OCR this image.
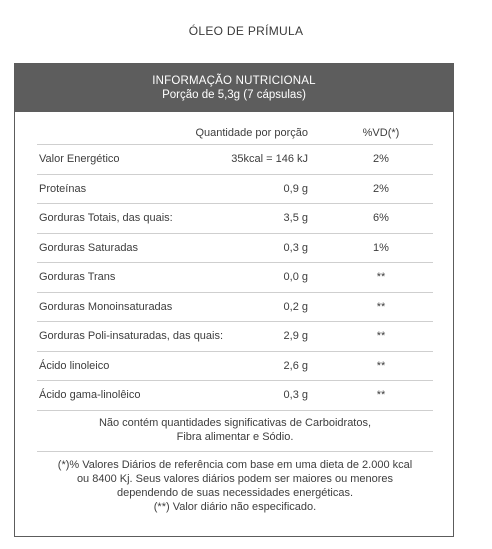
ÓLEO DE PRÍMULA
INFORMAÇÃO NUTRICIONAL
Porção de 5,3g (7 cápsulas)
Quantidade por porção	%VD(*)
Valor Energético	35kcal = 146 kJ	2%
Proteínas	0,9 g	2%
Gorduras Totais, das quais:	3,5 g	6%
Gorduras Saturadas	0,3 g	1%
Gorduras Trans	0,0 g	**
Gorduras Monoinsaturadas	0,2 g	**
Gorduras Poli-insaturadas, das quais:	2,9 g	**
Ácido linoleico	2,6 g	**
Ácido gama-linolêico	0,3 g	**
Não contém quantidades significativas de Carboidratos,
Fibra alimentar e Sódio.
(*)% Valores Diários de referência com base em uma dieta de 2.000 kcal
ou 8400 Kj. Seus valores diários podem ser maiores ou menores
dependendo de suas necessidades energéticas.
(**) Valor diário não especificado.
